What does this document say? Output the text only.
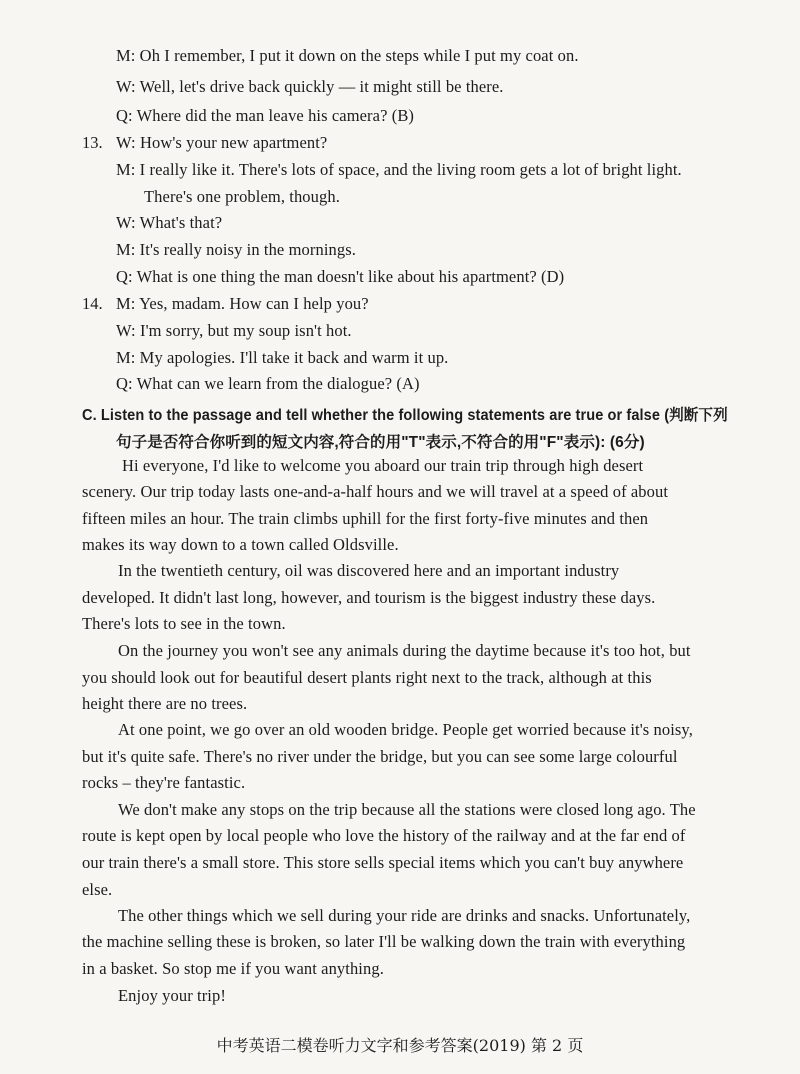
M: Oh I remember, I put it down on the steps while I put my coat on.
W: Well, let's drive back quickly — it might still be there.
Q: Where did the man leave his camera? (B)
13. W: How's your new apartment?
M: I really like it. There's lots of space, and the living room gets a lot of bright light.
There's one problem, though.
W: What's that?
M: It's really noisy in the mornings.
Q: What is one thing the man doesn't like about his apartment? (D)
14. M: Yes, madam. How can I help you?
W: I'm sorry, but my soup isn't hot.
M: My apologies. I'll take it back and warm it up.
Q: What can we learn from the dialogue? (A)
C. Listen to the passage and tell whether the following statements are true or false (判断下列
句子是否符合你听到的短文内容,符合的用"T"表示,不符合的用"F"表示): (6分)
Hi everyone, I'd like to welcome you aboard our train trip through high desert
scenery. Our trip today lasts one-and-a-half hours and we will travel at a speed of about
fifteen miles an hour. The train climbs uphill for the first forty-five minutes and then
makes its way down to a town called Oldsville.
In the twentieth century, oil was discovered here and an important industry
developed. It didn't last long, however, and tourism is the biggest industry these days.
There's lots to see in the town.
On the journey you won't see any animals during the daytime because it's too hot, but
you should look out for beautiful desert plants right next to the track, although at this
height there are no trees.
At one point, we go over an old wooden bridge. People get worried because it's noisy,
but it's quite safe. There's no river under the bridge, but you can see some large colourful
rocks – they're fantastic.
We don't make any stops on the trip because all the stations were closed long ago. The
route is kept open by local people who love the history of the railway and at the far end of
our train there's a small store. This store sells special items which you can't buy anywhere
else.
The other things which we sell during your ride are drinks and snacks. Unfortunately,
the machine selling these is broken, so later I'll be walking down the train with everything
in a basket. So stop me if you want anything.
Enjoy your trip!
中考英语二模卷听力文字和参考答案(2019) 第 2 页
